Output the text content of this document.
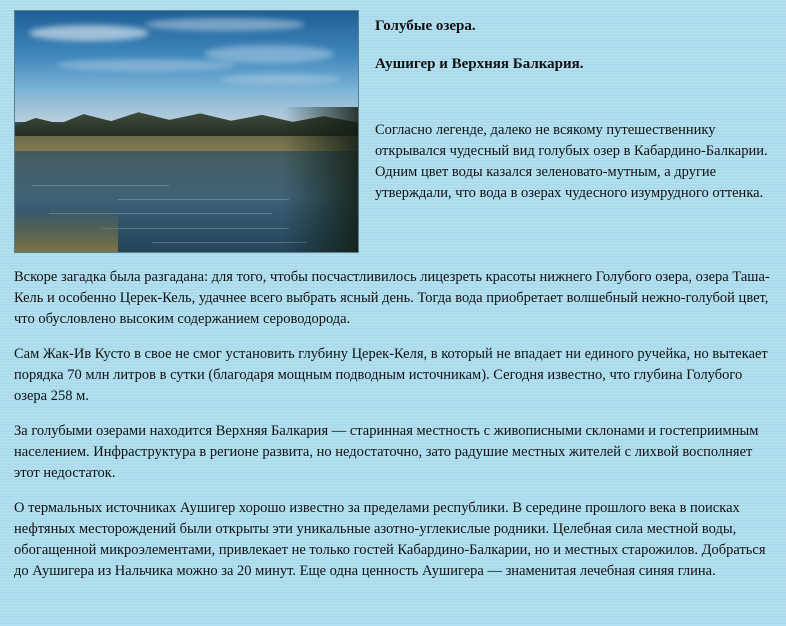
Голубые озера.
Аушигер и Верхняя Балкария.

Согласно легенде, далеко не всякому путешественнику открывался чудесный вид голубых озер в Кабардино-Балкарии. Одним цвет воды казался зеленовато-мутным, а другие утверждали, что вода в озерах чудесного изумрудного оттенка.

Вскоре загадка была разгадана: для того, чтобы посчастливилось лицезреть красоты нижнего Голубого озера, озера Таша-Кель и особенно Церек-Кель, удачнее всего выбрать ясный день. Тогда вода приобретает волшебный нежно-голубой цвет, что обусловлено высоким содержанием сероводорода.

Сам Жак-Ив Кусто в свое не смог установить глубину Церек-Келя, в который не впадает ни единого ручейка, но вытекает порядка 70 млн литров в сутки (благодаря мощным подводным источникам). Сегодня известно, что глубина Голубого озера 258 м.

За голубыми озерами находится Верхняя Балкария — старинная местность с живописными склонами и гостеприимным населением. Инфраструктура в регионе развита, но недостаточно, зато радушие местных жителей с лихвой восполняет этот недостаток.

О термальных источниках Аушигер хорошо известно за пределами республики. В середине прошлого века в поисках нефтяных месторождений были открыты эти уникальные азотно-углекислые родники. Целебная сила местной воды, обогащенной микроэлементами, привлекает не только гостей Кабардино-Балкарии, но и местных старожилов. Добраться до Аушигера из Нальчика можно за 20 минут. Еще одна ценность Аушигера — знаменитая лечебная синяя глина.
